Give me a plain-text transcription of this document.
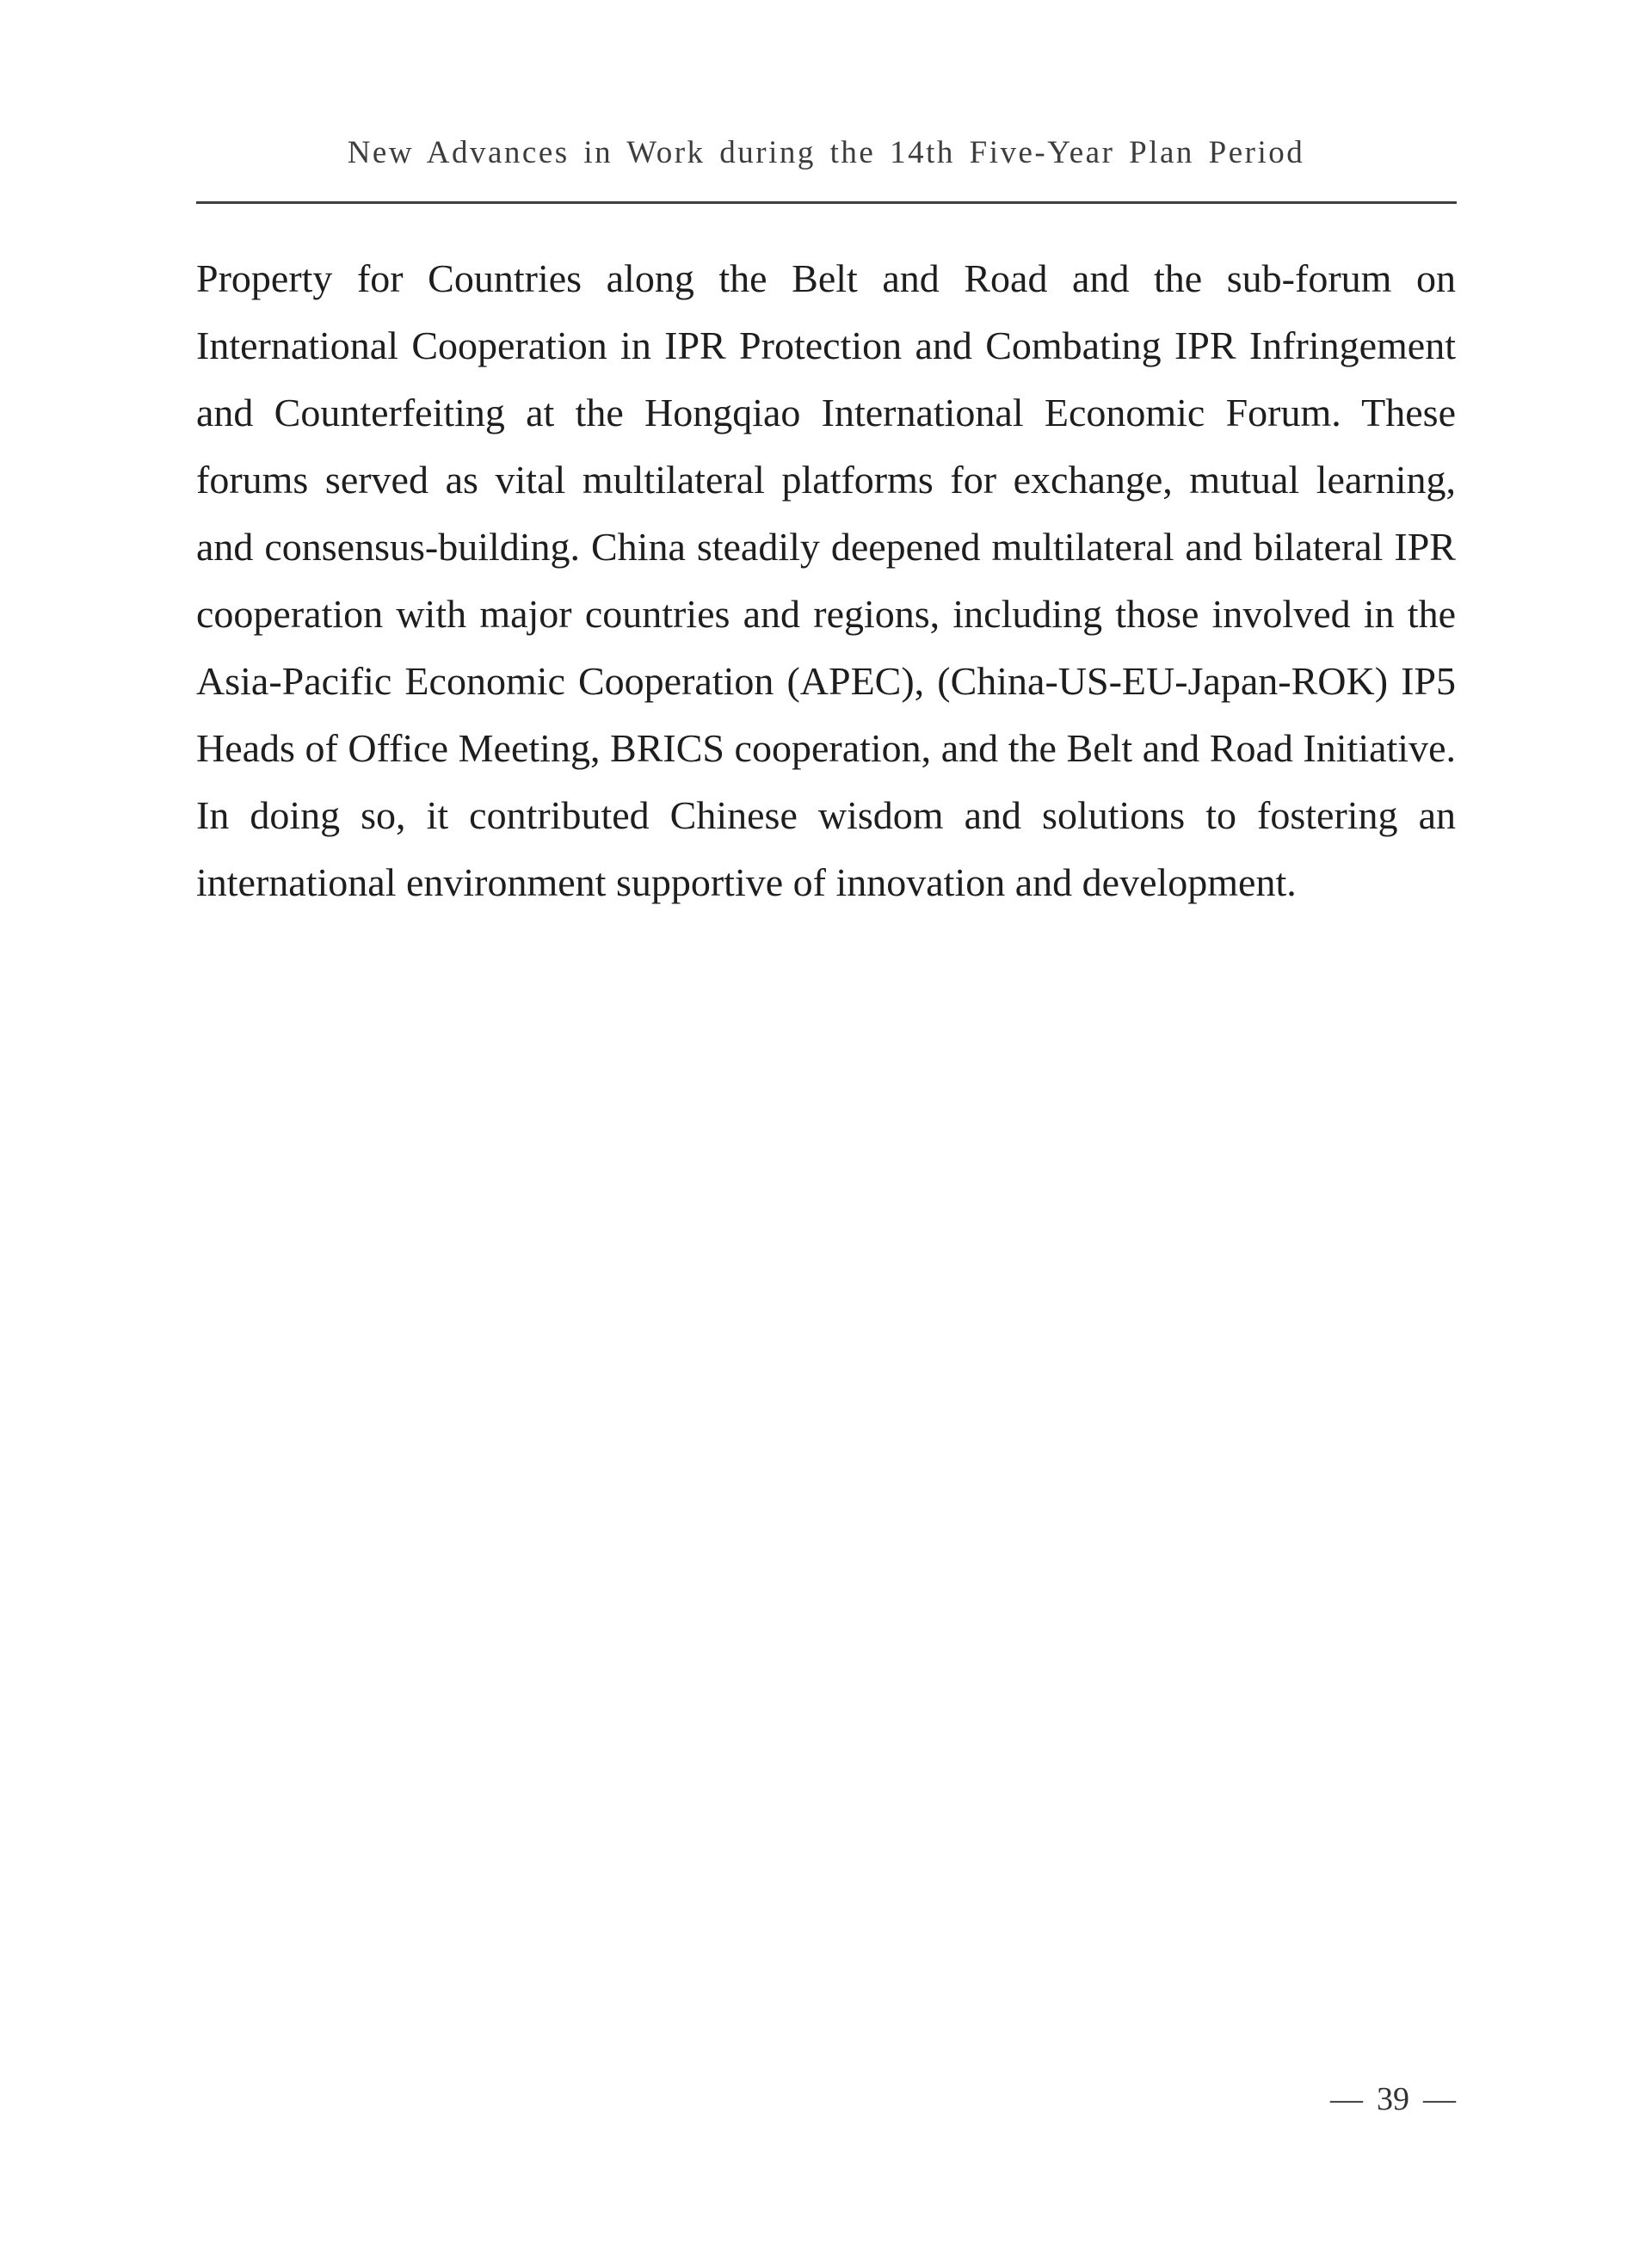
New Advances in Work during the 14th Five-Year Plan Period

Property for Countries along the Belt and Road and the sub-forum on International Cooperation in IPR Protection and Combating IPR Infringement and Counterfeiting at the Hongqiao International Economic Forum. These forums served as vital multilateral platforms for exchange, mutual learning, and consensus-building. China steadily deepened multilateral and bilateral IPR cooperation with major countries and regions, including those involved in the Asia-Pacific Economic Cooperation (APEC), (China-US-EU-Japan-ROK) IP5 Heads of Office Meeting, BRICS cooperation, and the Belt and Road Initiative. In doing so, it contributed Chinese wisdom and solutions to fostering an international environment supportive of innovation and development.

— 39 —
